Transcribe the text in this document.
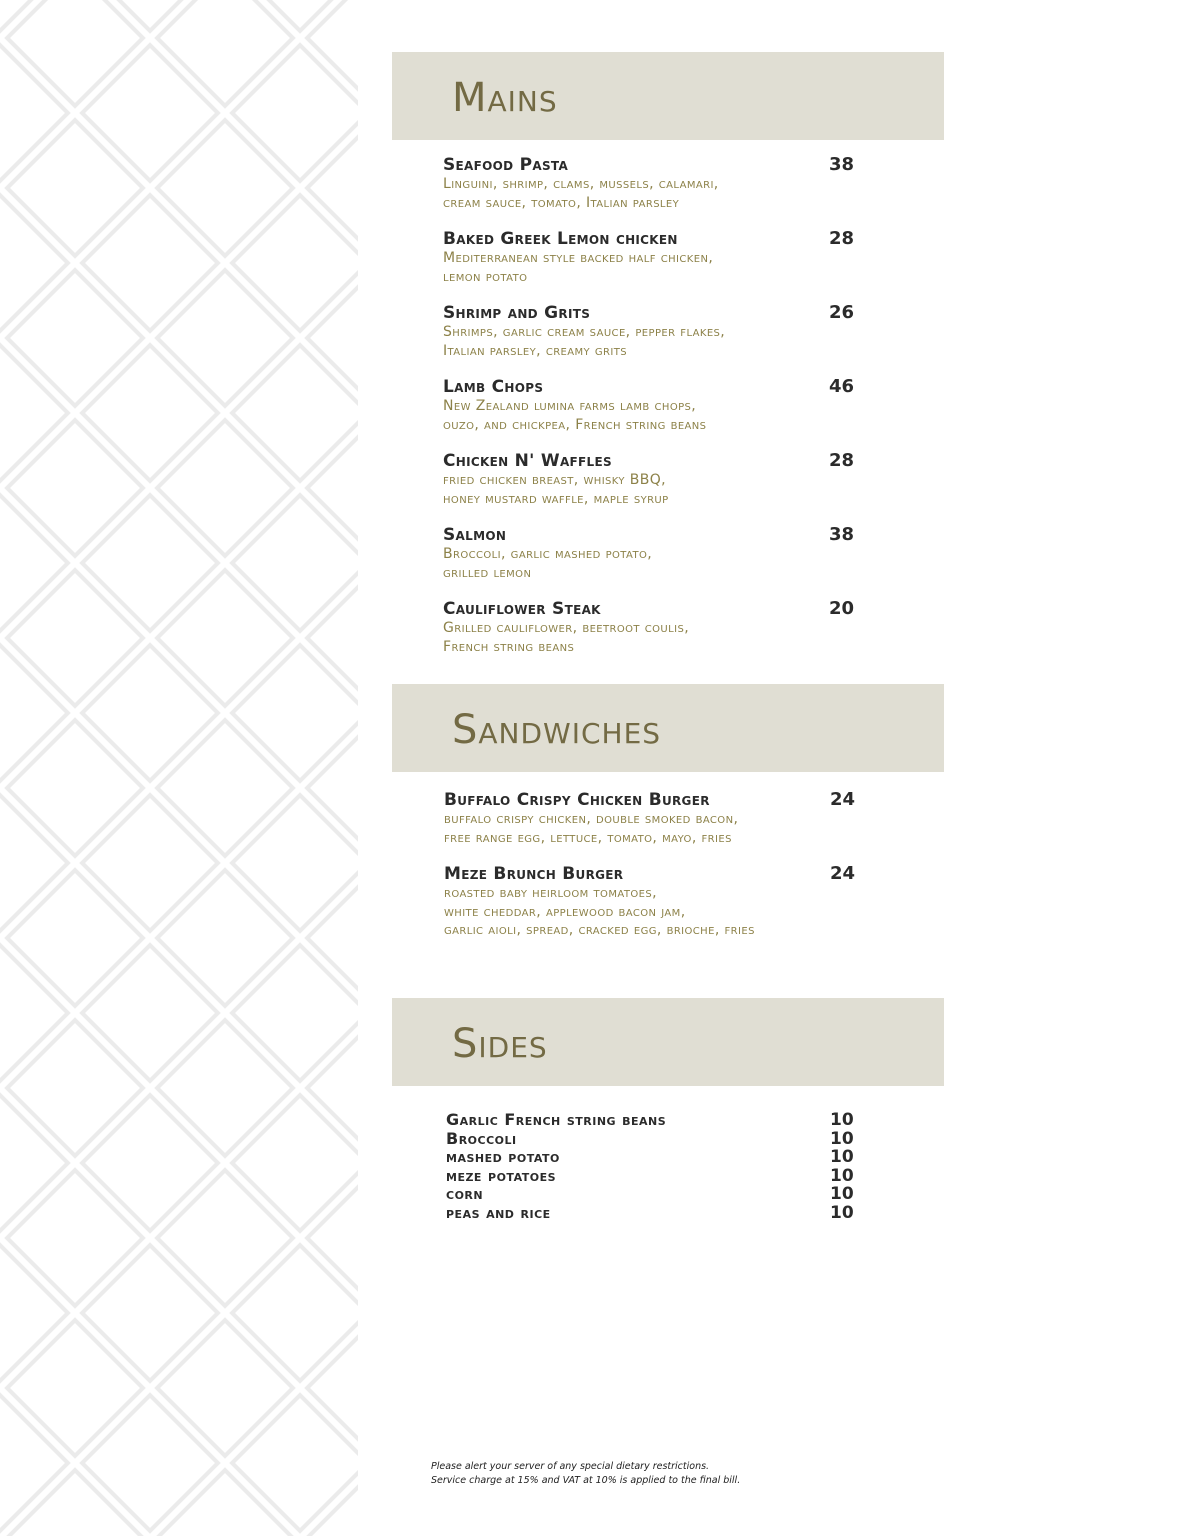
Mains
Seafood Pasta	38
Linguini, shrimp, clams, mussels, calamari,
cream sauce, tomato, Italian parsley
Baked Greek Lemon chicken	28
Mediterranean style backed half chicken,
lemon potato
Shrimp and Grits	26
Shrimps, garlic cream sauce, pepper flakes,
Italian parsley, creamy grits
Lamb Chops	46
New Zealand lumina farms lamb chops,
ouzo, and chickpea, French string beans
Chicken N' Waffles	28
fried chicken breast, whisky BBQ,
honey mustard waffle, maple syrup
Salmon	38
Broccoli, garlic mashed potato,
grilled lemon
Cauliflower Steak	20
Grilled cauliflower, beetroot coulis,
French string beans
Sandwiches
Buffalo Crispy Chicken Burger	24
buffalo crispy chicken, double smoked bacon,
free range egg, lettuce, tomato, mayo, fries
Meze Brunch Burger	24
roasted baby heirloom tomatoes,
white cheddar, applewood bacon jam,
garlic aioli, spread, cracked egg, brioche, fries
Sides
Garlic French string beans	10
Broccoli	10
mashed potato	10
meze potatoes	10
corn	10
peas and rice	10
Please alert your server of any special dietary restrictions.
Service charge at 15% and VAT at 10% is applied to the final bill.
